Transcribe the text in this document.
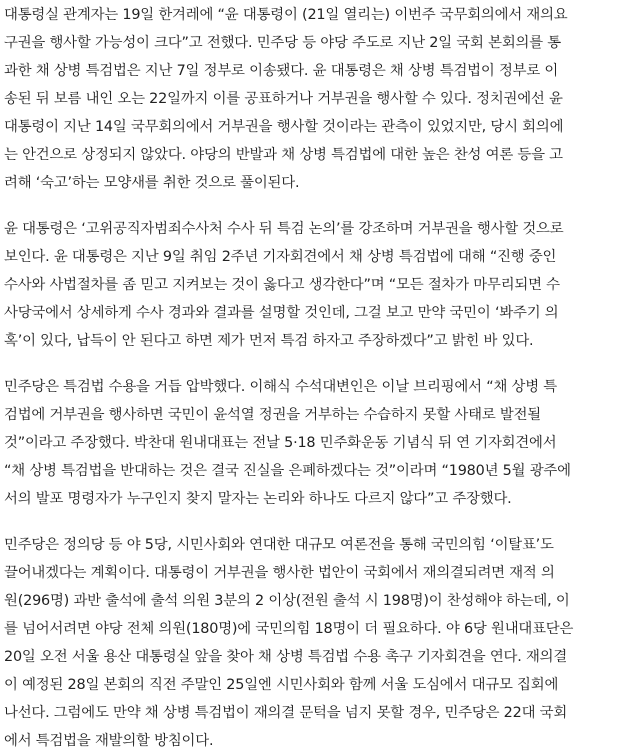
대통령실 관계자는 19일 한겨레에 “윤 대통령이 (21일 열리는) 이번주 국무회의에서 재의요
구권을 행사할 가능성이 크다”고 전했다. 민주당 등 야당 주도로 지난 2일 국회 본회의를 통
과한 채 상병 특검법은 지난 7일 정부로 이송됐다. 윤 대통령은 채 상병 특검법이 정부로 이
송된 뒤 보름 내인 오는 22일까지 이를 공표하거나 거부권을 행사할 수 있다. 정치권에선 윤
대통령이 지난 14일 국무회의에서 거부권을 행사할 것이라는 관측이 있었지만, 당시 회의에
는 안건으로 상정되지 않았다. 야당의 반발과 채 상병 특검법에 대한 높은 찬성 여론 등을 고
려해 ‘숙고’하는 모양새를 취한 것으로 풀이된다.
윤 대통령은 ‘고위공직자범죄수사처 수사 뒤 특검 논의’를 강조하며 거부권을 행사할 것으로
보인다. 윤 대통령은 지난 9일 취임 2주년 기자회견에서 채 상병 특검법에 대해 “진행 중인
수사와 사법절차를 좀 믿고 지켜보는 것이 옳다고 생각한다”며 “모든 절차가 마무리되면 수
사당국에서 상세하게 수사 경과와 결과를 설명할 것인데, 그걸 보고 만약 국민이 ‘봐주기 의
혹’이 있다, 납득이 안 된다고 하면 제가 먼저 특검 하자고 주장하겠다”고 밝힌 바 있다.
민주당은 특검법 수용을 거듭 압박했다. 이해식 수석대변인은 이날 브리핑에서 “채 상병 특
검법에 거부권을 행사하면 국민이 윤석열 정권을 거부하는 수습하지 못할 사태로 발전될
것”이라고 주장했다. 박찬대 원내대표는 전날 5·18 민주화운동 기념식 뒤 연 기자회견에서
“채 상병 특검법을 반대하는 것은 결국 진실을 은폐하겠다는 것”이라며 “1980년 5월 광주에
서의 발포 명령자가 누구인지 찾지 말자는 논리와 하나도 다르지 않다”고 주장했다.
민주당은 정의당 등 야 5당, 시민사회와 연대한 대규모 여론전을 통해 국민의힘 ‘이탈표’도
끌어내겠다는 계획이다. 대통령이 거부권을 행사한 법안이 국회에서 재의결되려면 재적 의
원(296명) 과반 출석에 출석 의원 3분의 2 이상(전원 출석 시 198명)이 찬성해야 하는데, 이
를 넘어서려면 야당 전체 의원(180명)에 국민의힘 18명이 더 필요하다. 야 6당 원내대표단은
20일 오전 서울 용산 대통령실 앞을 찾아 채 상병 특검법 수용 촉구 기자회견을 연다. 재의결
이 예정된 28일 본회의 직전 주말인 25일엔 시민사회와 함께 서울 도심에서 대규모 집회에
나선다. 그럼에도 만약 채 상병 특검법이 재의결 문턱을 넘지 못할 경우, 민주당은 22대 국회
에서 특검법을 재발의할 방침이다.
